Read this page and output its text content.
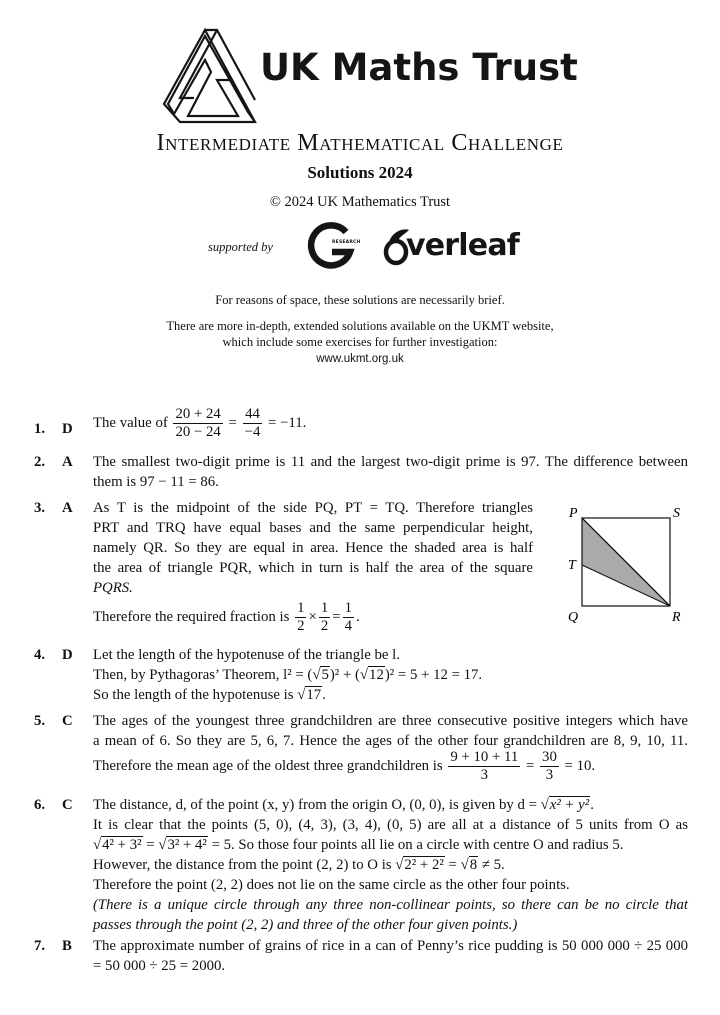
UK Maths Trust
Intermediate Mathematical Challenge
Solutions 2024
© 2024 UK Mathematics Trust
supported by	RESEARCH verleaf
For reasons of space, these solutions are necessarily brief.
There are more in-depth, extended solutions available on the UKMT website,
which include some exercises for further investigation:
www.ukmt.org.uk
1. D The value of $\frac{20 + 24}{20 - 24} = \frac{44}{-4} = -11$.
2. A The smallest two-digit prime is 11 and the largest two-digit prime is 97. The difference between
them is 97 − 11 = 86.
3. A As T is the midpoint of the side PQ, PT = TQ. Therefore triangles
PRT and TRQ have equal bases and the same perpendicular height,
namely QR. So they are equal in area. Hence the shaded area is half
the area of triangle PQR, which in turn is half the area of the square
PQRS.
Therefore the required fraction is $\frac{1}{2} \times \frac{1}{2} = \frac{1}{4}$ .
P	S
T
Q	R
4. D Let the length of the hypotenuse of the triangle be l.
Then, by Pythagoras’ Theorem, l² = (√5)² + (√12)² = 5 + 12 = 17.
So the length of the hypotenuse is √17.
5. C The ages of the youngest three grandchildren are three consecutive positive integers which have
a mean of 6. So they are 5, 6, 7. Hence the ages of the other four grandchildren are 8, 9, 10, 11.
Therefore the mean age of the oldest three grandchildren is $\frac{9 + 10 + 11}{3} = \frac{30}{3} = 10$.
6. C The distance, d, of the point (x, y) from the origin O, (0, 0), is given by d = √x² + y².
It is clear that the points (5, 0), (4, 3), (3, 4), (0, 5) are all at a distance of 5 units from O as
√4² + 3² = √3² + 4² = 5. So those four points all lie on a circle with centre O and radius 5.
However, the distance from the point (2, 2) to O is √2² + 2² = √8 ≠ 5.
Therefore the point (2, 2) does not lie on the same circle as the other four points.
(There is a unique circle through any three non-collinear points, so there can be no circle that
passes through the point (2, 2) and three of the other four given points.)
7. B The approximate number of grains of rice in a can of Penny’s rice pudding is 50 000 000 ÷ 25 000
= 50 000 ÷ 25 = 2000.
